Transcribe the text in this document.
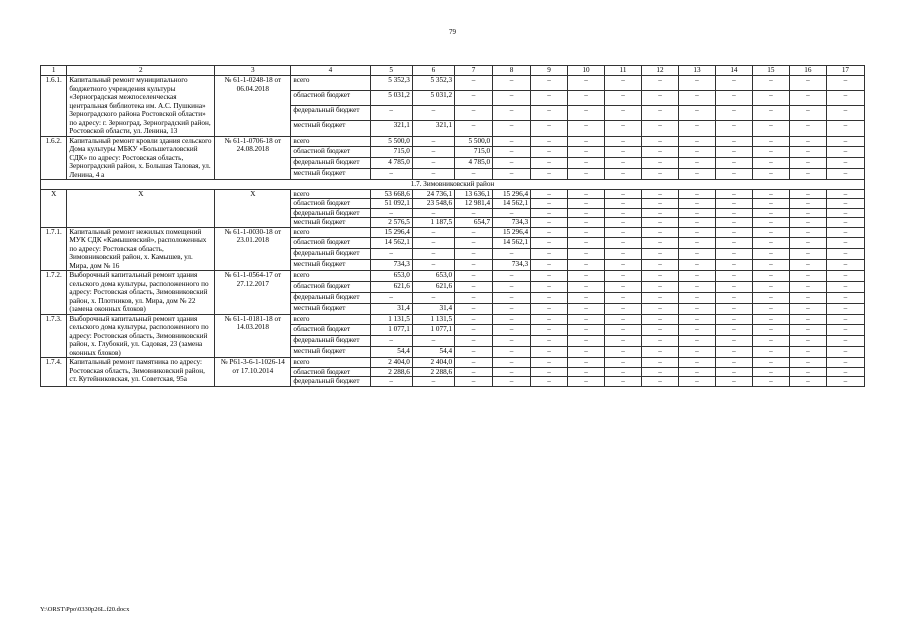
79
1	2	3	4	5	6	7	8	9	10	11	12	13	14	15	16	17
1.6.1.	Капитальный ремонт муниципального бюджетного учреждения культуры «Зерноградская межпоселенческая центральная библиотека им. А.С. Пушкина» Зерноградского района Ростовской области» по адресу: г. Зерноград, Зерноградский район, Ростовской области, ул. Ленина, 13	№ 61-1-0248-18 от 06.04.2018	всего	5 352,3	5 352,3	–	–	–	–	–	–	–	–	–	–	–
			областной бюджет	5 031,2	5 031,2	–	–	–	–	–	–	–	–	–	–	–
			федеральный бюджет	–	–	–	–	–	–	–	–	–	–	–	–	–
			местный бюджет	321,1	321,1	–	–	–	–	–	–	–	–	–	–	–
1.6.2.	Капитальный ремонт кровли здания сельского Дома культуры МБКУ «Большеталовский СДК» по адресу: Ростовская область, Зерноградский район, х. Большая Таловая, ул. Ленина, 4 а	№ 61-1-0706-18 от 24.08.2018	всего	5 500,0	–	5 500,0	–	–	–	–	–	–	–	–	–	–
			областной бюджет	715,0	–	715,0	–	–	–	–	–	–	–	–	–	–
			федеральный бюджет	4 785,0	–	4 785,0	–	–	–	–	–	–	–	–	–	–
			местный бюджет	–	–	–	–	–	–	–	–	–	–	–	–	–
1.7. Зимовниковский район																
X	X	X	всего	53 668,6	24 736,1	13 636,1	15 296,4	–	–	–	–	–	–	–	–	–
			областной бюджет	51 092,1	23 548,6	12 981,4	14 562,1	–	–	–	–	–	–	–	–	–
			федеральный бюджет	–	–	–	–	–	–	–	–	–	–	–	–	–
			местный бюджет	2 576,5	1 187,5	654,7	734,3	–	–	–	–	–	–	–	–	–
1.7.1.	Капитальный ремонт нежилых помещений МУК СДК «Камышевский», расположенных по адресу: Ростовская область, Зимовниковский район, х. Камышев, ул. Мира, дом № 16	№ 61-1-0030-18 от 23.01.2018	всего	15 296,4	–	–	15 296,4	–	–	–	–	–	–	–	–	–
			областной бюджет	14 562,1	–	–	14 562,1	–	–	–	–	–	–	–	–	–
			федеральный бюджет	–	–	–	–	–	–	–	–	–	–	–	–	–
			местный бюджет	734,3	–	–	734,3	–	–	–	–	–	–	–	–	–
1.7.2.	Выборочный капитальный ремонт здания сельского дома культуры, расположенного по адресу: Ростовская область, Зимовниковский район, х. Плотников, ул. Мира, дом № 22 (замена оконных блоков)	№ 61-1-0564-17 от 27.12.2017	всего	653,0	653,0	–	–	–	–	–	–	–	–	–	–	–
			областной бюджет	621,6	621,6	–	–	–	–	–	–	–	–	–	–	–
			федеральный бюджет	–	–	–	–	–	–	–	–	–	–	–	–	–
			местный бюджет	31,4	31,4	–	–	–	–	–	–	–	–	–	–	–
1.7.3.	Выборочный капитальный ремонт здания сельского дома культуры, расположенного по адресу: Ростовская область, Зимовниковский район, х. Глубокий, ул. Садовая, 23 (замена оконных блоков)	№ 61-1-0181-18 от 14.03.2018	всего	1 131,5	1 131,5	–	–	–	–	–	–	–	–	–	–	–
			областной бюджет	1 077,1	1 077,1	–	–	–	–	–	–	–	–	–	–	–
			федеральный бюджет	–	–	–	–	–	–	–	–	–	–	–	–	–
			местный бюджет	54,4	54,4	–	–	–	–	–	–	–	–	–	–	–
1.7.4.	Капитальный ремонт памятника по адресу: Ростовская область, Зимовниковский район, ст. Кутейниковская, ул. Советская, 95а	№ Р61-3-6-1-1026-14 от 17.10.2014	всего	2 404,0	2 404,0	–	–	–	–	–	–	–	–	–	–	–
			областной бюджет	2 288,6	2 288,6	–	–	–	–	–	–	–	–	–	–	–
			федеральный бюджет	–	–	–	–	–	–	–	–	–	–	–	–	–
Y:\ORST\Ppo\0330p26L.f20.docx
